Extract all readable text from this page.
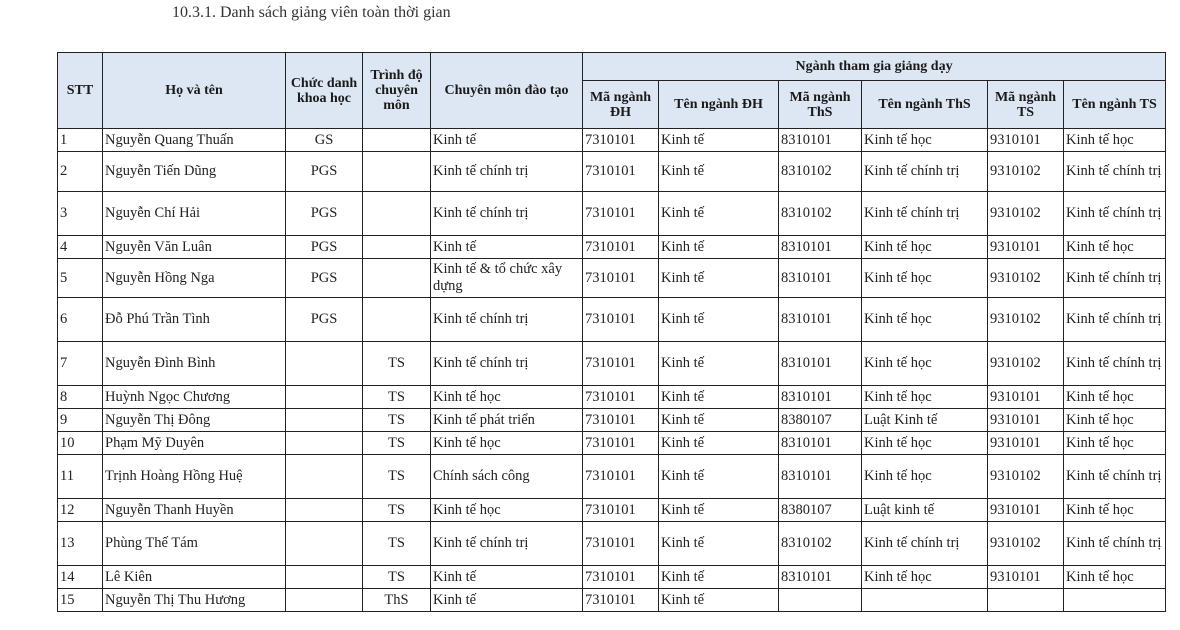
10.3.1. Danh sách giảng viên toàn thời gian
STT	Họ và tên	Chức danh khoa học	Trình độ chuyên môn	Chuyên môn đào tạo	Ngành tham gia giảng dạy					
					Mã ngành ĐH	Tên ngành ĐH	Mã ngành ThS	Tên ngành ThS	Mã ngành TS	Tên ngành TS
1	Nguyễn Quang Thuấn	GS		Kinh tế	7310101	Kinh tế	8310101	Kinh tế học	9310101	Kinh tế học
2	Nguyễn Tiến Dũng	PGS		Kinh tế chính trị	7310101	Kinh tế	8310102	Kinh tế chính trị	9310102	Kinh tế chính trị
3	Nguyễn Chí Hải	PGS		Kinh tế chính trị	7310101	Kinh tế	8310102	Kinh tế chính trị	9310102	Kinh tế chính trị
4	Nguyễn Văn Luân	PGS		Kinh tế	7310101	Kinh tế	8310101	Kinh tế học	9310101	Kinh tế học
5	Nguyễn Hồng Nga	PGS		Kinh tế & tổ chức xây dựng	7310101	Kinh tế	8310101	Kinh tế học	9310102	Kinh tế chính trị
6	Đỗ Phú Trần Tình	PGS		Kinh tế chính trị	7310101	Kinh tế	8310101	Kinh tế học	9310102	Kinh tế chính trị
7	Nguyễn Đình Bình		TS	Kinh tế chính trị	7310101	Kinh tế	8310101	Kinh tế học	9310102	Kinh tế chính trị
8	Huỳnh Ngọc Chương		TS	Kinh tế học	7310101	Kinh tế	8310101	Kinh tế học	9310101	Kinh tế học
9	Nguyễn Thị Đông		TS	Kinh tế phát triển	7310101	Kinh tế	8380107	Luật Kinh tế	9310101	Kinh tế học
10	Phạm Mỹ Duyên		TS	Kinh tế học	7310101	Kinh tế	8310101	Kinh tế học	9310101	Kinh tế học
11	Trịnh Hoàng Hồng Huệ		TS	Chính sách công	7310101	Kinh tế	8310101	Kinh tế học	9310102	Kinh tế chính trị
12	Nguyễn Thanh Huyền		TS	Kinh tế học	7310101	Kinh tế	8380107	Luật kinh tế	9310101	Kinh tế học
13	Phùng Thế Tám		TS	Kinh tế chính trị	7310101	Kinh tế	8310102	Kinh tế chính trị	9310102	Kinh tế chính trị
14	Lê Kiên		TS	Kinh tế	7310101	Kinh tế	8310101	Kinh tế học	9310101	Kinh tế học
15	Nguyễn Thị Thu Hương		ThS	Kinh tế	7310101	Kinh tế				
